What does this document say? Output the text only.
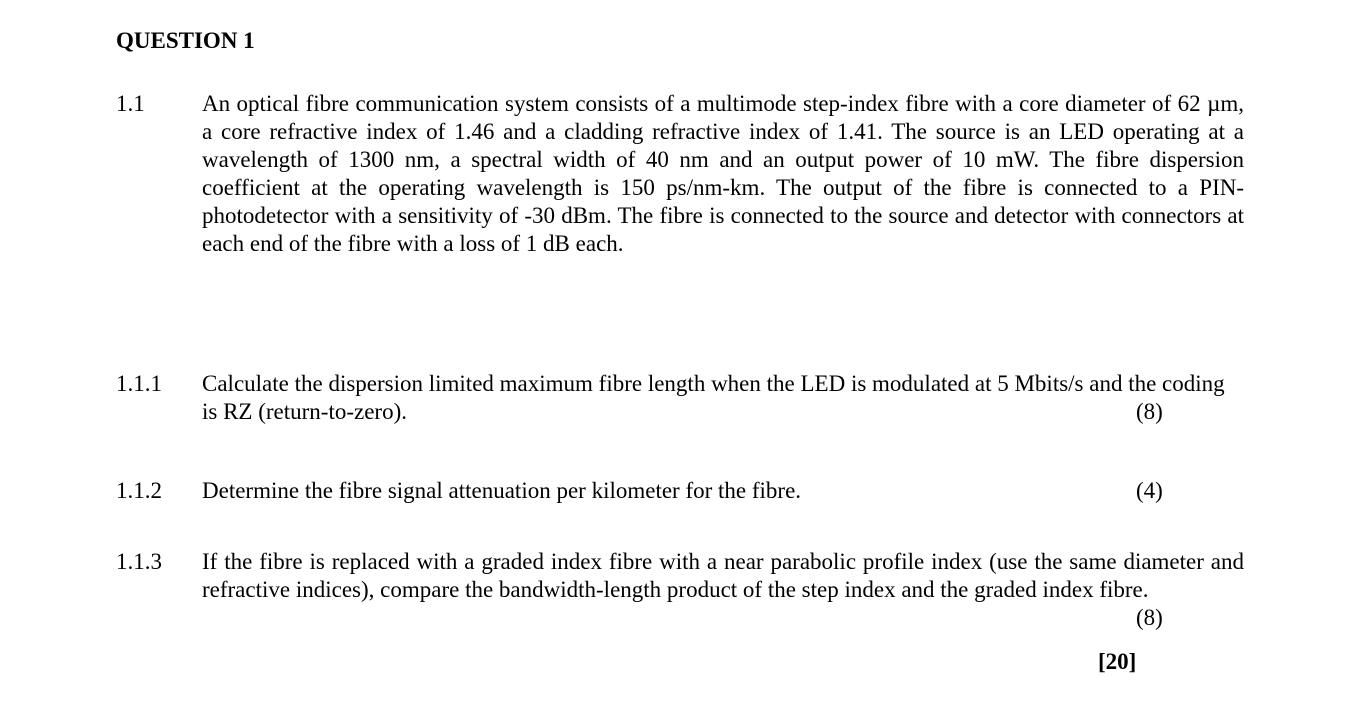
QUESTION 1
1.1 An optical fibre communication system consists of a multimode step-index fibre with a core diameter of 62 µm, a core refractive index of 1.46 and a cladding refractive index of 1.41. The source is an LED operating at a wavelength of 1300 nm, a spectral width of 40 nm and an output power of 10 mW. The fibre dispersion coefficient at the operating wavelength is 150 ps/nm-km. The output of the fibre is connected to a PIN-photodetector with a sensitivity of -30 dBm. The fibre is connected to the source and detector with connectors at each end of the fibre with a loss of 1 dB each.
1.1.1 Calculate the dispersion limited maximum fibre length when the LED is modulated at 5 Mbits/s and the coding is RZ (return-to-zero).	(8)
1.1.2 Determine the fibre signal attenuation per kilometer for the fibre.	(4)
1.1.3 If the fibre is replaced with a graded index fibre with a near parabolic profile index (use the same diameter and refractive indices), compare the bandwidth-length product of the step index and the graded index fibre.
(8)
[20]
